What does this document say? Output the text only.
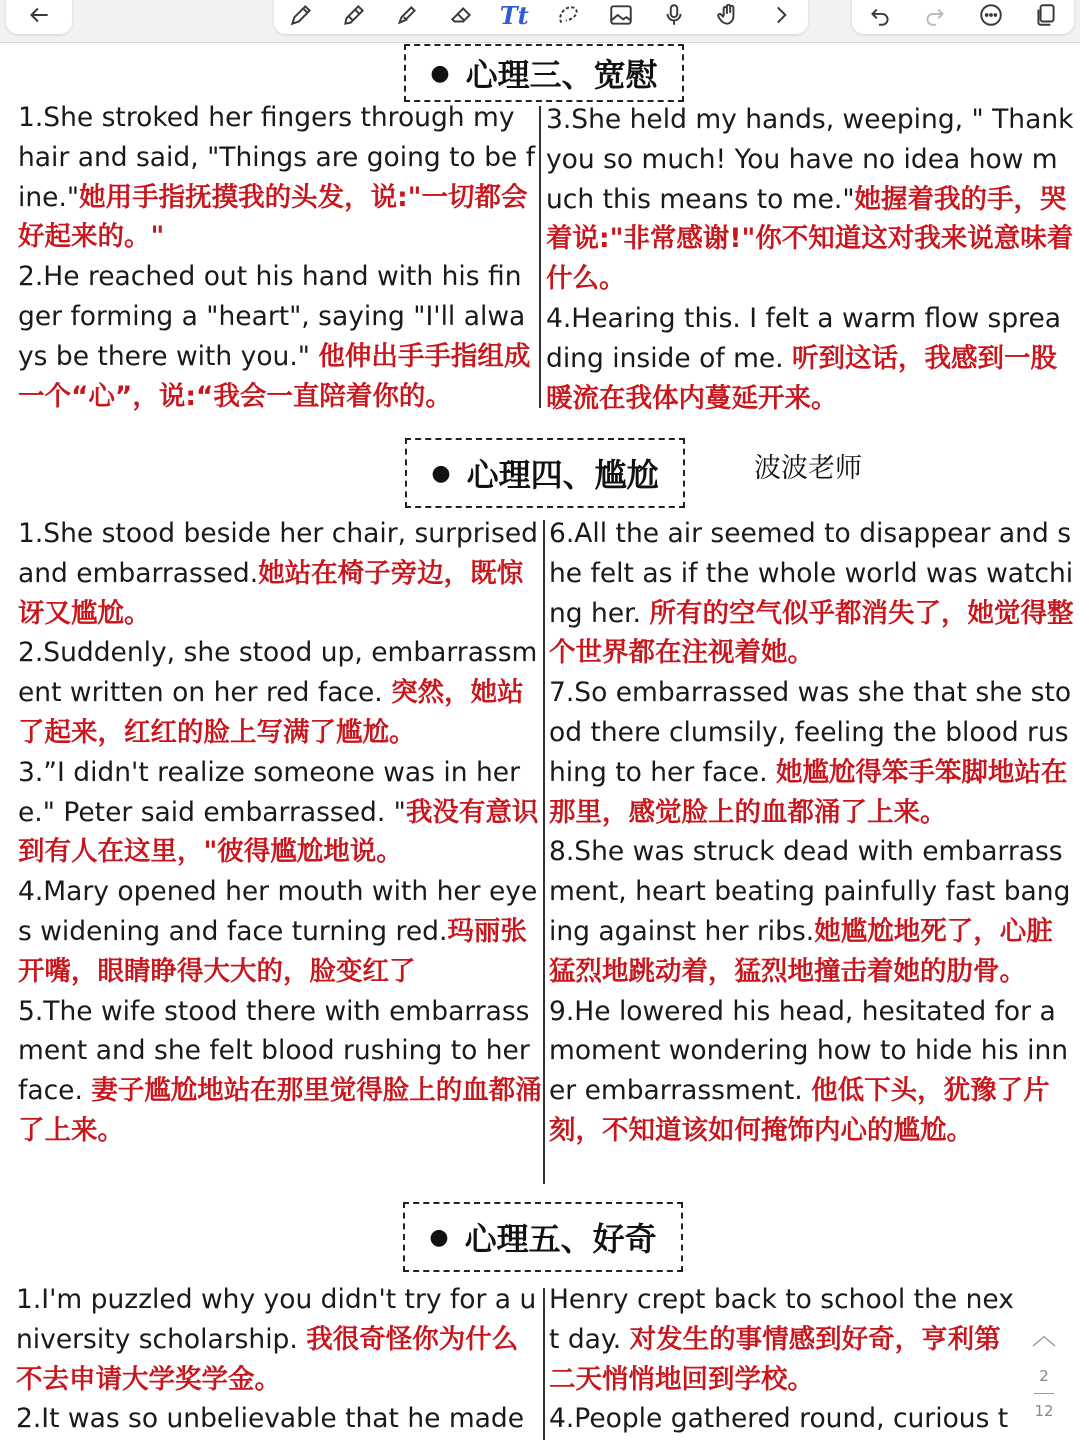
Tt
● 心理三、宽慰

1.She stroked her fingers through my hair and said, "Things are going to be fine."她用手指抚摸我的头发，说:"一切都会好起来的。"

2.He reached out his hand with his finger forming a "heart", saying "I'll always be there with you." 他伸出手手指组成一个“心”，说:“我会一直陪着你的。

3.She held my hands, weeping, " Thank you so much! You have no idea how much this means to me."她握着我的手，哭着说:"非常感谢!"你不知道这对我来说意味着什么。

4.Hearing this. I felt a warm flow spreading inside of me. 听到这话，我感到一股暖流在我体内蔓延开来。

● 心理四、尴尬	波波老师

1.She stood beside her chair, surprised and embarrassed.她站在椅子旁边，既惊讶又尴尬。

2.Suddenly, she stood up, embarrassment written on her red face. 突然，她站了起来，红红的脸上写满了尴尬。

3.”I didn't realize someone was in here." Peter said embarrassed. "我没有意识到有人在这里，"彼得尴尬地说。

4.Mary opened her mouth with her eyes widening and face turning red.玛丽张开嘴，眼睛睁得大大的，脸变红了

5.The wife stood there with embarrassment and she felt blood rushing to her face. 妻子尴尬地站在那里觉得脸上的血都涌了上来。

6.All the air seemed to disappear and she felt as if the whole world was watching her. 所有的空气似乎都消失了，她觉得整个世界都在注视着她。

7.So embarrassed was she that she stood there clumsily, feeling the blood rushing to her face. 她尴尬得笨手笨脚地站在那里，感觉脸上的血都涌了上来。

8.She was struck dead with embarrassment, heart beating painfully fast banging against her ribs.她尴尬地死了，心脏猛烈地跳动着，猛烈地撞击着她的肋骨。

9.He lowered his head, hesitated for a moment wondering how to hide his inner embarrassment. 他低下头，犹豫了片刻，不知道该如何掩饰内心的尴尬。

● 心理五、好奇

1.I'm puzzled why you didn't try for a university scholarship. 我很奇怪你为什么不去申请大学奖学金。

2.It was so unbelievable that he made

Henry crept back to school the next day. 对发生的事情感到好奇，亨利第二天悄悄地回到学校。

4.People gathered round, curious t

︿
2
12
